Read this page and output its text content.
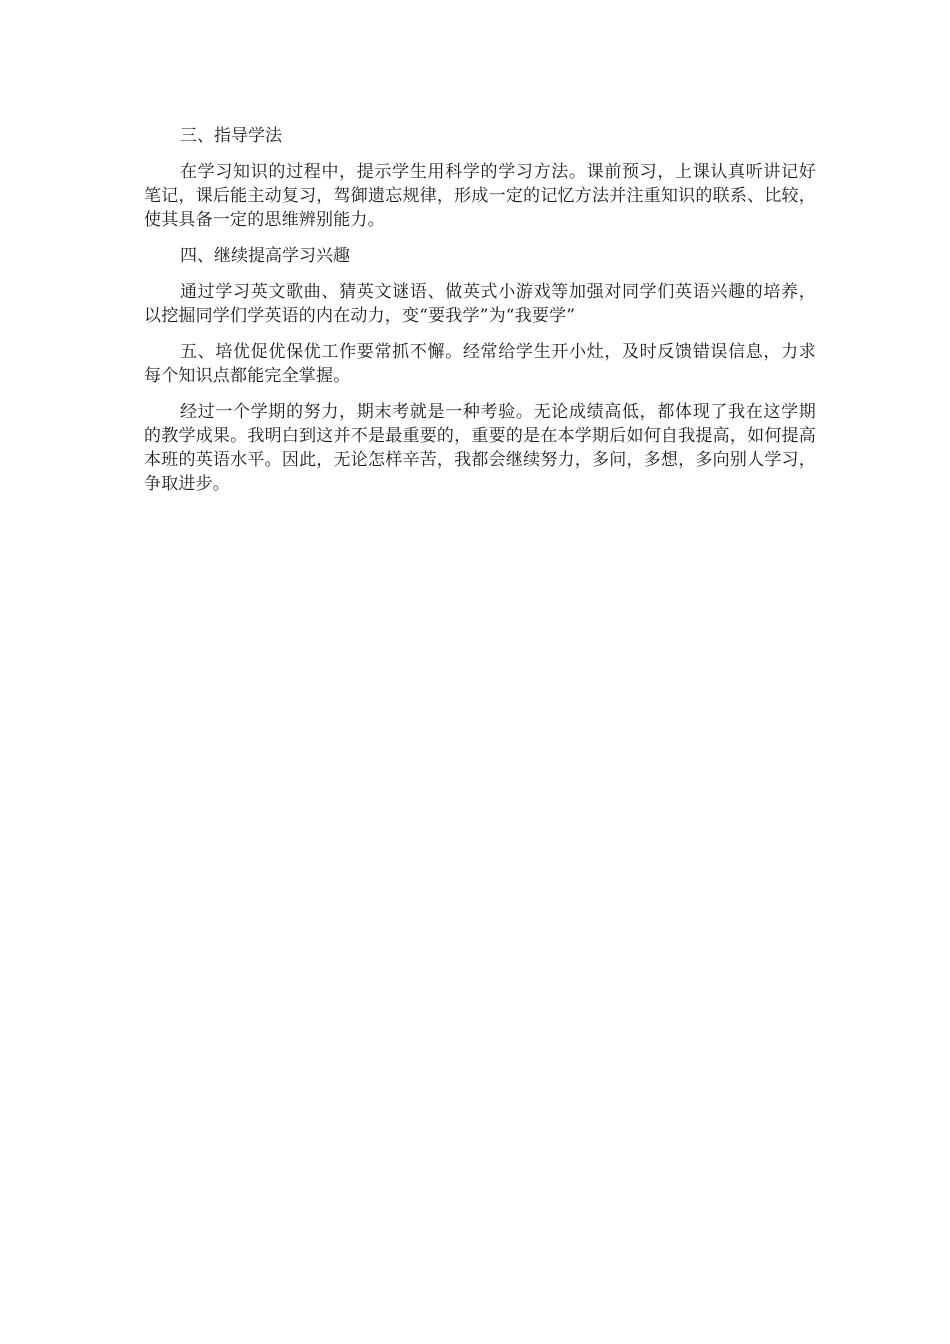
三、指导学法

在学习知识的过程中，提示学生用科学的学习方法。课前预习，上课认真听讲记好笔记，课后能主动复习，驾御遗忘规律，形成一定的记忆方法并注重知识的联系、比较，使其具备一定的思维辨别能力。

四、继续提高学习兴趣

通过学习英文歌曲、猜英文谜语、做英式小游戏等加强对同学们英语兴趣的培养，以挖掘同学们学英语的内在动力，变“要我学”为“我要学”

五、培优促优保优工作要常抓不懈。经常给学生开小灶，及时反馈错误信息，力求每个知识点都能完全掌握。

经过一个学期的努力，期末考就是一种考验。无论成绩高低，都体现了我在这学期的教学成果。我明白到这并不是最重要的，重要的是在本学期后如何自我提高，如何提高本班的英语水平。因此，无论怎样辛苦，我都会继续努力，多问，多想，多向别人学习，争取进步。
